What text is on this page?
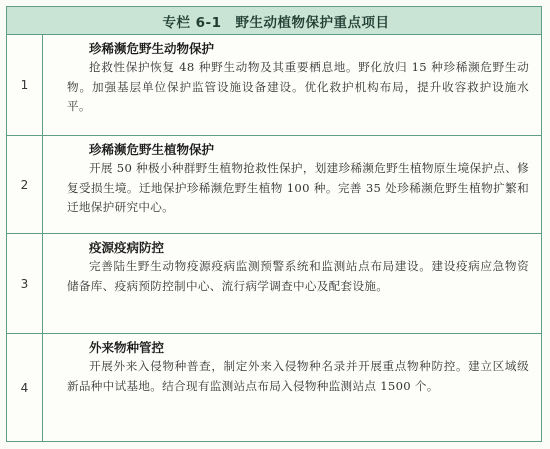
专栏 6-1 野生动植物保护重点项目
1
珍稀濒危野生动物保护
抢救性保护恢复 48 种野生动物及其重要栖息地。野化放归 15 种珍稀濒危野生动物。加强基层单位保护监管设施设备建设。优化救护机构布局，提升收容救护设施水平。
2
珍稀濒危野生植物保护
开展 50 种极小种群野生植物抢救性保护，划建珍稀濒危野生植物原生境保护点、修复受损生境。迁地保护珍稀濒危野生植物 100 种。完善 35 处珍稀濒危野生植物扩繁和迁地保护研究中心。
3
疫源疫病防控
完善陆生野生动物疫源疫病监测预警系统和监测站点布局建设。建设疫病应急物资储备库、疫病预防控制中心、流行病学调查中心及配套设施。
4
外来物种管控
开展外来入侵物种普查，制定外来入侵物种名录并开展重点物种防控。建立区域级新品种中试基地。结合现有监测站点布局入侵物种监测站点 1500 个。
